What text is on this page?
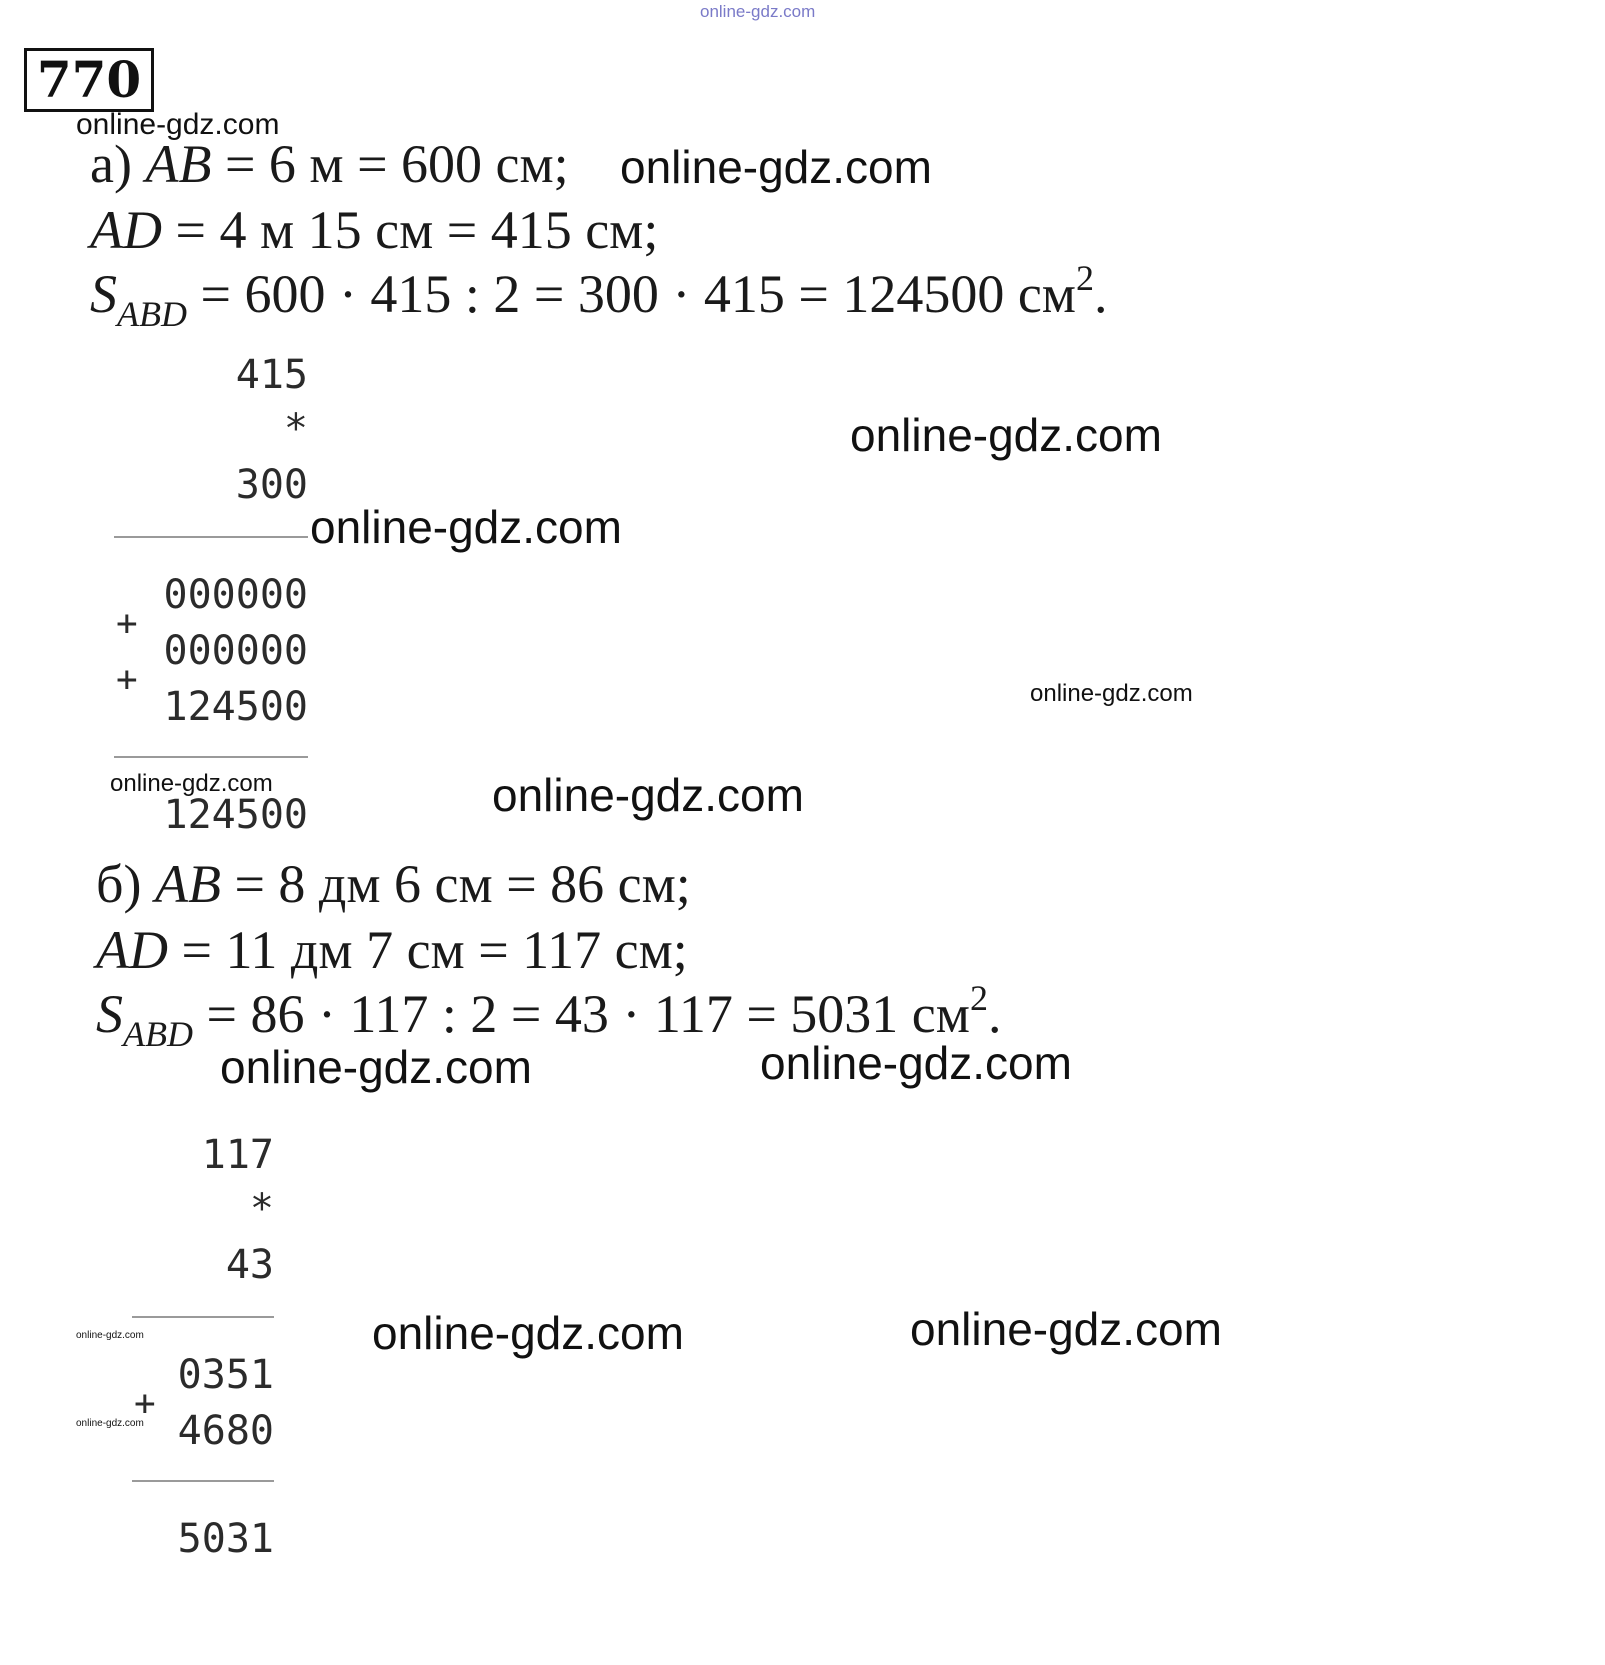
online-gdz.com
770
online-gdz.com
online-gdz.com
online-gdz.com
online-gdz.com
online-gdz.com
online-gdz.com	online-gdz.com
online-gdz.com	online-gdz.com
online-gdz.com	online-gdz.com	online-gdz.com
online-gdz.com
а) AB = 6 м = 600 см;
AD = 4 м 15 см = 415 см;
$S_{ABD} = 600 \cdot 415$ : 2 = 300 · 415 = 124500 $см^2$.
415
*
300
000000
+
000000
+
124500
124500
б) AB = 8 дм 6 см = 86 см;
AD = 11 дм 7 см = 117 см;
$S_{ABD} = 86 \cdot 117$ : 2 = 43 · 117 = 5031 $см^2$.
117
*
43
0351
+
4680
5031
